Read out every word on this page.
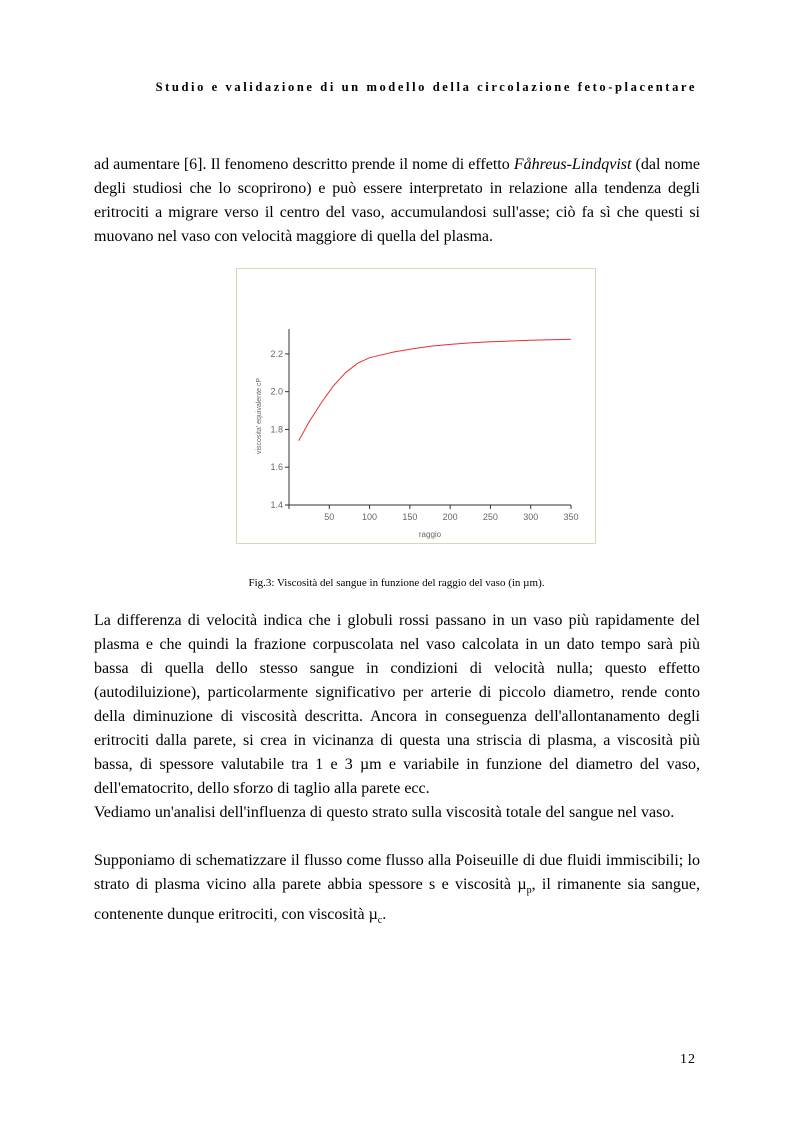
Studio e validazione di un modello della circolazione feto-placentare

ad aumentare [6]. Il fenomeno descritto prende il nome di effetto Fåhreus-Lindqvist (dal nome degli studiosi che lo scoprirono) e può essere interpretato in relazione alla tendenza degli eritrociti a migrare verso il centro del vaso, accumulandosi sull'asse; ciò fa sì che questi si muovano nel vaso con velocità maggiore di quella del plasma.

50	100	150	200	250	300	350
1.4
1.6
1.8
2.0
2.2
raggio
viscosita' equivalente cP
Fig.3: Viscosità del sangue in funzione del raggio del vaso (in µm).

La differenza di velocità indica che i globuli rossi passano in un vaso più rapidamente del plasma e che quindi la frazione corpuscolata nel vaso calcolata in un dato tempo sarà più bassa di quella dello stesso sangue in condizioni di velocità nulla; questo effetto (autodiluizione), particolarmente significativo per arterie di piccolo diametro, rende conto della diminuzione di viscosità descritta. Ancora in conseguenza dell'allontanamento degli eritrociti dalla parete, si crea in vicinanza di questa una striscia di plasma, a viscosità più bassa, di spessore valutabile tra 1 e 3 µm e variabile in funzione del diametro del vaso, dell'ematocrito, dello sforzo di taglio alla parete ecc.

Vediamo un'analisi dell'influenza di questo strato sulla viscosità totale del sangue nel vaso.

Supponiamo di schematizzare il flusso come flusso alla Poiseuille di due fluidi immiscibili; lo strato di plasma vicino alla parete abbia spessore s e viscosità µ$_p$, il rimanente sia sangue, contenente dunque eritrociti, con viscosità µ$_c$.

12
